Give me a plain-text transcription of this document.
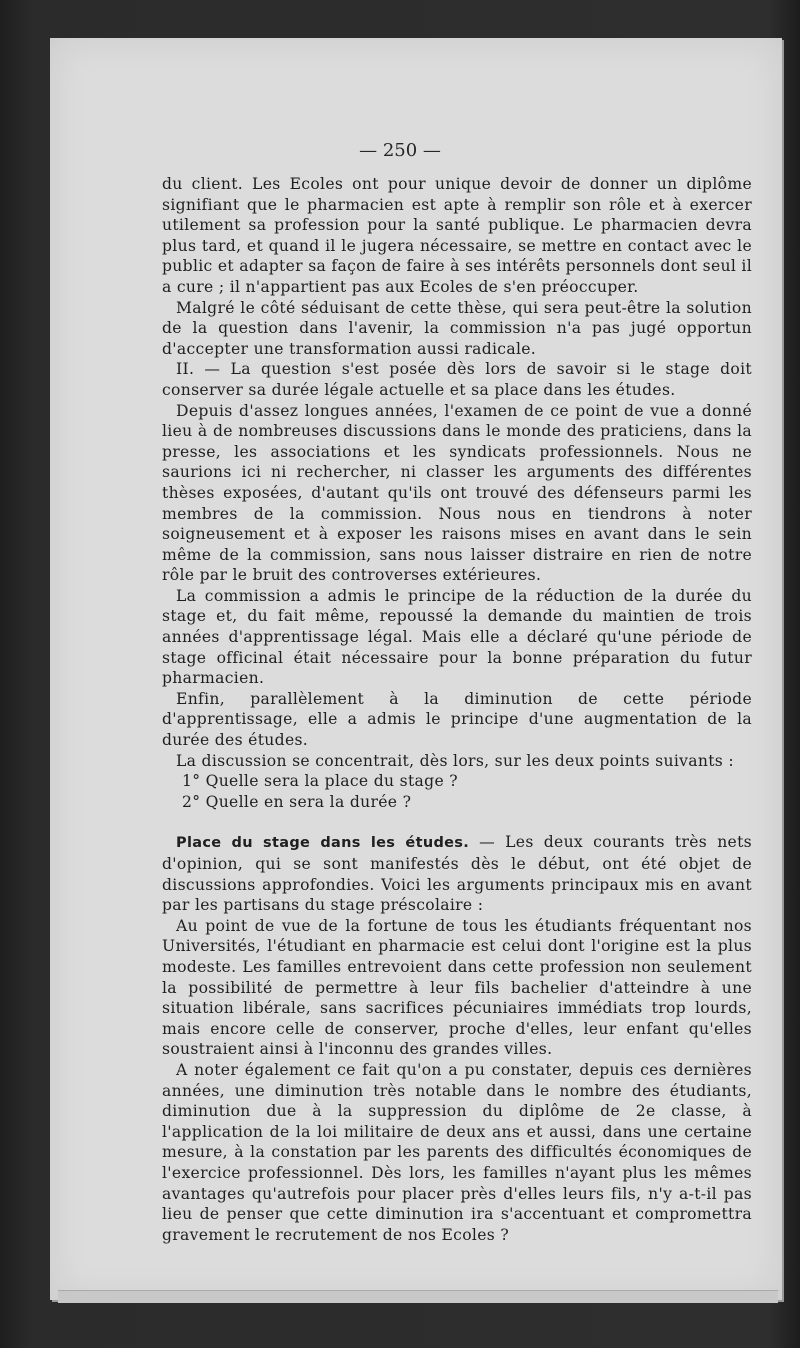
— 250 —

du client. Les Ecoles ont pour unique devoir de donner un diplôme signifiant que le pharmacien est apte à remplir son rôle et à exercer utilement sa profession pour la santé publique. Le pharmacien devra plus tard, et quand il le jugera nécessaire, se mettre en contact avec le public et adapter sa façon de faire à ses intérêts personnels dont seul il a cure ; il n'appartient pas aux Ecoles de s'en préoccuper.

Malgré le côté séduisant de cette thèse, qui sera peut-être la solution de la question dans l'avenir, la commission n'a pas jugé opportun d'accepter une transformation aussi radicale.

II. — La question s'est posée dès lors de savoir si le stage doit conserver sa durée légale actuelle et sa place dans les études.

Depuis d'assez longues années, l'examen de ce point de vue a donné lieu à de nombreuses discussions dans le monde des praticiens, dans la presse, les associations et les syndicats professionnels. Nous ne saurions ici ni rechercher, ni classer les arguments des différentes thèses exposées, d'autant qu'ils ont trouvé des défenseurs parmi les membres de la commission. Nous nous en tiendrons à noter soigneusement et à exposer les raisons mises en avant dans le sein même de la commission, sans nous laisser distraire en rien de notre rôle par le bruit des controverses extérieures.

La commission a admis le principe de la réduction de la durée du stage et, du fait même, repoussé la demande du maintien de trois années d'apprentissage légal. Mais elle a déclaré qu'une période de stage officinal était nécessaire pour la bonne préparation du futur pharmacien.

Enfin, parallèlement à la diminution de cette période d'apprentissage, elle a admis le principe d'une augmentation de la durée des études.

La discussion se concentrait, dès lors, sur les deux points suivants :

1° Quelle sera la place du stage ?

2° Quelle en sera la durée ?

Place du stage dans les études. — Les deux courants très nets d'opinion, qui se sont manifestés dès le début, ont été objet de discussions approfondies. Voici les arguments principaux mis en avant par les partisans du stage préscolaire :

Au point de vue de la fortune de tous les étudiants fréquentant nos Universités, l'étudiant en pharmacie est celui dont l'origine est la plus modeste. Les familles entrevoient dans cette profession non seulement la possibilité de permettre à leur fils bachelier d'atteindre à une situation libérale, sans sacrifices pécuniaires immédiats trop lourds, mais encore celle de conserver, proche d'elles, leur enfant qu'elles soustraient ainsi à l'inconnu des grandes villes.

A noter également ce fait qu'on a pu constater, depuis ces dernières années, une diminution très notable dans le nombre des étudiants, diminution due à la suppression du diplôme de 2e classe, à l'application de la loi militaire de deux ans et aussi, dans une certaine mesure, à la constation par les parents des difficultés économiques de l'exercice professionnel. Dès lors, les familles n'ayant plus les mêmes avantages qu'autrefois pour placer près d'elles leurs fils, n'y a-t-il pas lieu de penser que cette diminution ira s'accentuant et compromettra gravement le recrutement de nos Ecoles ?
